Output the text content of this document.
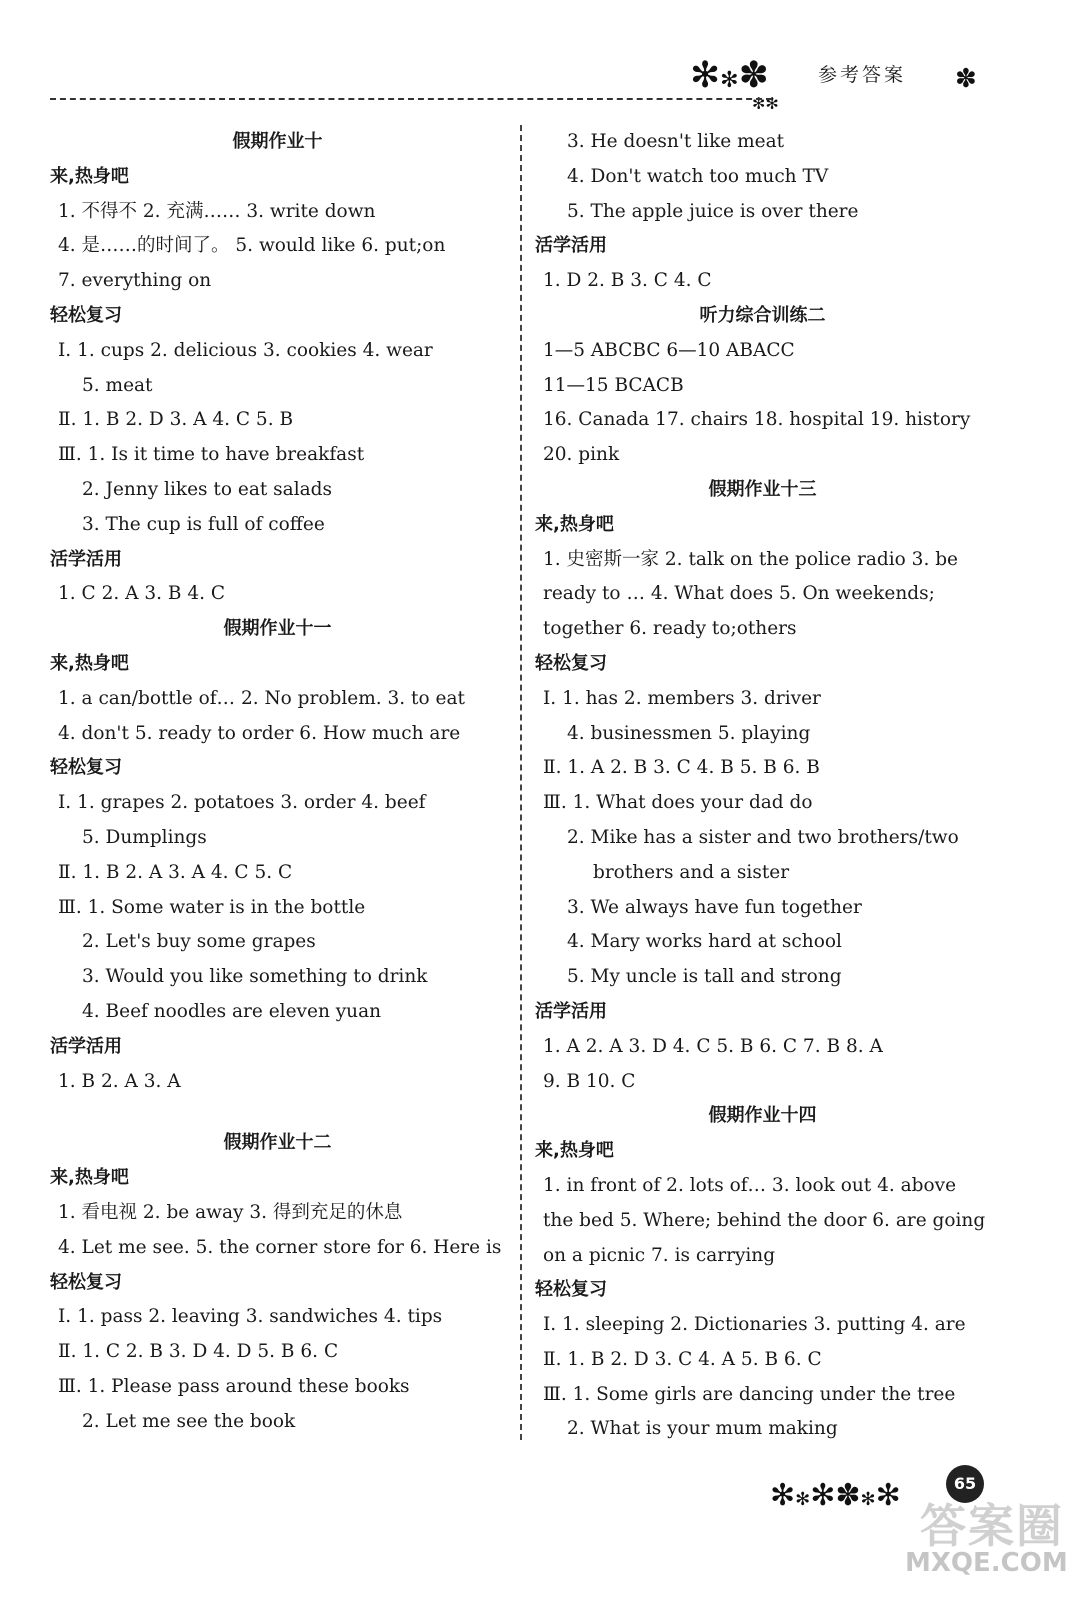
✻✻✽	参考答案 ✽
✻✻
假期作业十
来,热身吧
1. 不得不 2. 充满…… 3. write down
4. 是……的时间了。 5. would like 6. put;on
7. everything on
轻松复习
Ⅰ. 1. cups 2. delicious 3. cookies 4. wear
5. meat
Ⅱ. 1. B 2. D 3. A 4. C 5. B
Ⅲ. 1. Is it time to have breakfast
2. Jenny likes to eat salads
3. The cup is full of coffee
活学活用
1. C 2. A 3. B 4. C
假期作业十一
来,热身吧
1. a can/bottle of… 2. No problem. 3. to eat
4. don't 5. ready to order 6. How much are
轻松复习
Ⅰ. 1. grapes 2. potatoes 3. order 4. beef
5. Dumplings
Ⅱ. 1. B 2. A 3. A 4. C 5. C
Ⅲ. 1. Some water is in the bottle
2. Let's buy some grapes
3. Would you like something to drink
4. Beef noodles are eleven yuan
活学活用
1. B 2. A 3. A
假期作业十二
来,热身吧
1. 看电视 2. be away 3. 得到充足的休息
4. Let me see. 5. the corner store for 6. Here is
轻松复习
Ⅰ. 1. pass 2. leaving 3. sandwiches 4. tips
Ⅱ. 1. C 2. B 3. D 4. D 5. B 6. C
Ⅲ. 1. Please pass around these books
2. Let me see the book
3. He doesn't like meat
4. Don't watch too much TV
5. The apple juice is over there
活学活用
1. D 2. B 3. C 4. C
听力综合训练二
1—5 ABCBC 6—10 ABACC
11—15 BCACB
16. Canada 17. chairs 18. hospital 19. history
20. pink
假期作业十三
来,热身吧
1. 史密斯一家 2. talk on the police radio 3. be
ready to … 4. What does 5. On weekends;
together 6. ready to;others
轻松复习
Ⅰ. 1. has 2. members 3. driver
4. businessmen 5. playing
Ⅱ. 1. A 2. B 3. C 4. B 5. B 6. B
Ⅲ. 1. What does your dad do
2. Mike has a sister and two brothers/two
brothers and a sister
3. We always have fun together
4. Mary works hard at school
5. My uncle is tall and strong
活学活用
1. A 2. A 3. D 4. C 5. B 6. C 7. B 8. A
9. B 10. C
假期作业十四
来,热身吧
1. in front of 2. lots of… 3. look out 4. above
the bed 5. Where; behind the door 6. are going
on a picnic 7. is carrying
轻松复习
Ⅰ. 1. sleeping 2. Dictionaries 3. putting 4. are
Ⅱ. 1. B 2. D 3. C 4. A 5. B 6. C
Ⅲ. 1. Some girls are dancing under the tree
2. What is your mum making
✻✻✻✽✻✻	65
答案圈
MXQE.COM
